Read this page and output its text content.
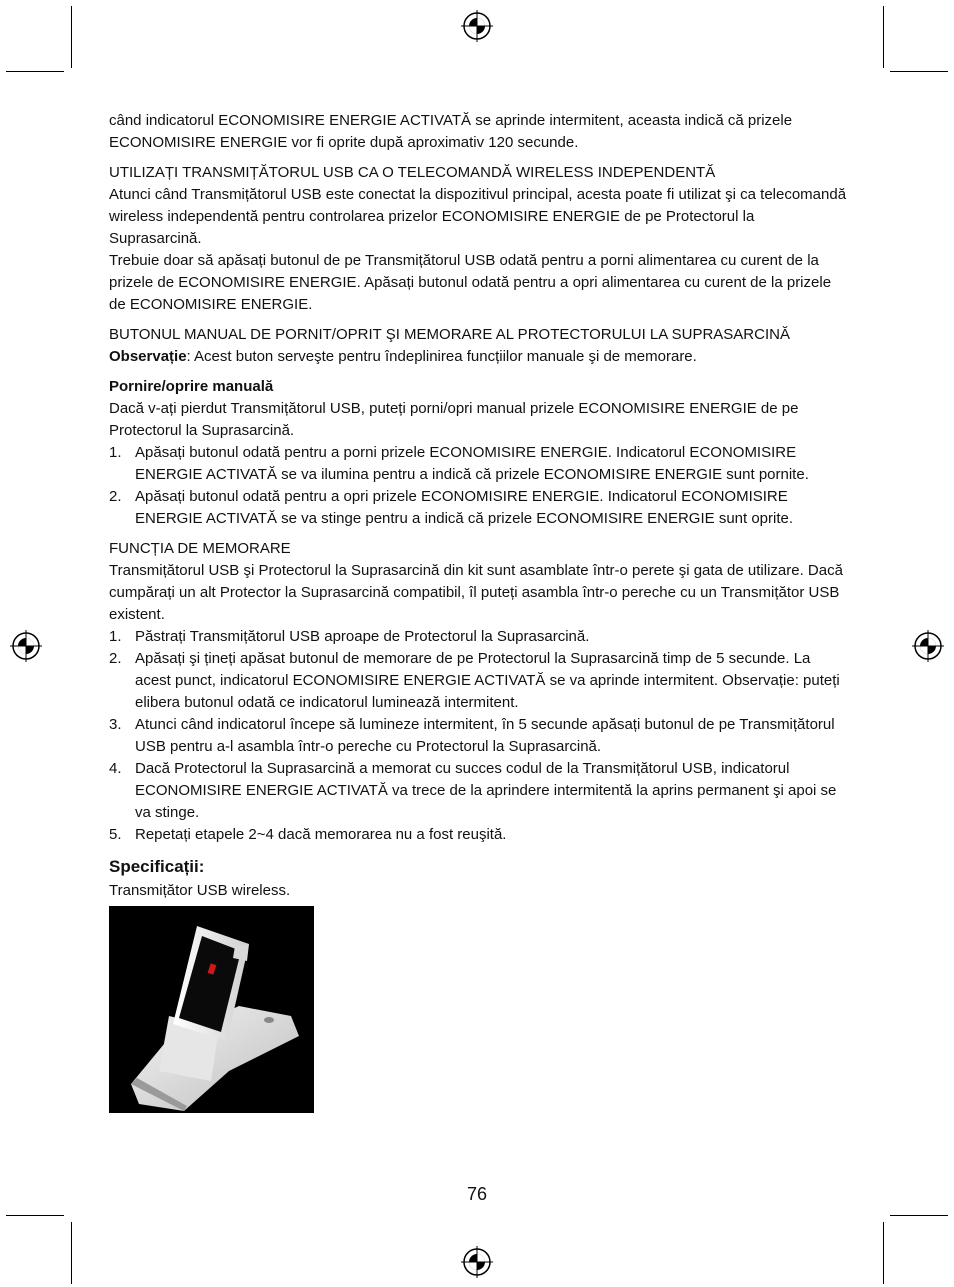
când indicatorul ECONOMISIRE ENERGIE ACTIVATĂ se aprinde intermitent, aceasta indică că prizele ECONOMISIRE ENERGIE vor fi oprite după aproximativ 120 secunde.

UTILIZAȚI TRANSMIȚĂTORUL USB CA O TELECOMANDĂ WIRELESS INDEPENDENTĂ

Atunci când Transmițătorul USB este conectat la dispozitivul principal, acesta poate fi utilizat şi ca telecomandă wireless independentă pentru controlarea prizelor ECONOMISIRE ENERGIE de pe Protectorul la Suprasarcină.

Trebuie doar să apăsați butonul de pe Transmițătorul USB odată pentru a porni alimentarea cu curent de la prizele de ECONOMISIRE ENERGIE. Apăsați butonul odată pentru a opri alimentarea cu curent de la prizele de ECONOMISIRE ENERGIE.

BUTONUL MANUAL DE PORNIT/OPRIT ŞI MEMORARE AL PROTECTORULUI LA SUPRASARCINĂ

Observație: Acest buton serveşte pentru îndeplinirea funcțiilor manuale şi de memorare.

Pornire/oprire manuală

Dacă v-ați pierdut Transmițătorul USB, puteți porni/opri manual prizele ECONOMISIRE ENERGIE de pe Protectorul la Suprasarcină.

1. Apăsați butonul odată pentru a porni prizele ECONOMISIRE ENERGIE. Indicatorul ECONOMISIRE ENERGIE ACTIVATĂ se va ilumina pentru a indică că prizele ECONOMISIRE ENERGIE sunt pornite.
2. Apăsați butonul odată pentru a opri prizele ECONOMISIRE ENERGIE. Indicatorul ECONOMISIRE ENERGIE ACTIVATĂ se va stinge pentru a indică că prizele ECONOMISIRE ENERGIE sunt oprite.

FUNCȚIA DE MEMORARE

Transmițătorul USB şi Protectorul la Suprasarcină din kit sunt asamblate într-o perete şi gata de utilizare. Dacă cumpărați un alt Protector la Suprasarcină compatibil, îl puteți asambla într-o pereche cu un Transmițător USB existent.

1. Păstrați Transmițătorul USB aproape de Protectorul la Suprasarcină.
2. Apăsați şi țineți apăsat butonul de memorare de pe Protectorul la Suprasarcină timp de 5 secunde. La acest punct, indicatorul ECONOMISIRE ENERGIE ACTIVATĂ se va aprinde intermitent. Observație: puteți elibera butonul odată ce indicatorul luminează intermitent.
3. Atunci când indicatorul începe să lumineze intermitent, în 5 secunde apăsați butonul de pe Transmițătorul USB pentru a-l asambla într-o pereche cu Protectorul la Suprasarcină.
4. Dacă Protectorul la Suprasarcină a memorat cu succes codul de la Transmițătorul USB, indicatorul ECONOMISIRE ENERGIE ACTIVATĂ va trece de la aprindere intermitentă la aprins permanent şi apoi se va stinge.
5. Repetați etapele 2~4 dacă memorarea nu a fost reuşită.

Specificații:

Transmițător USB wireless.

76
